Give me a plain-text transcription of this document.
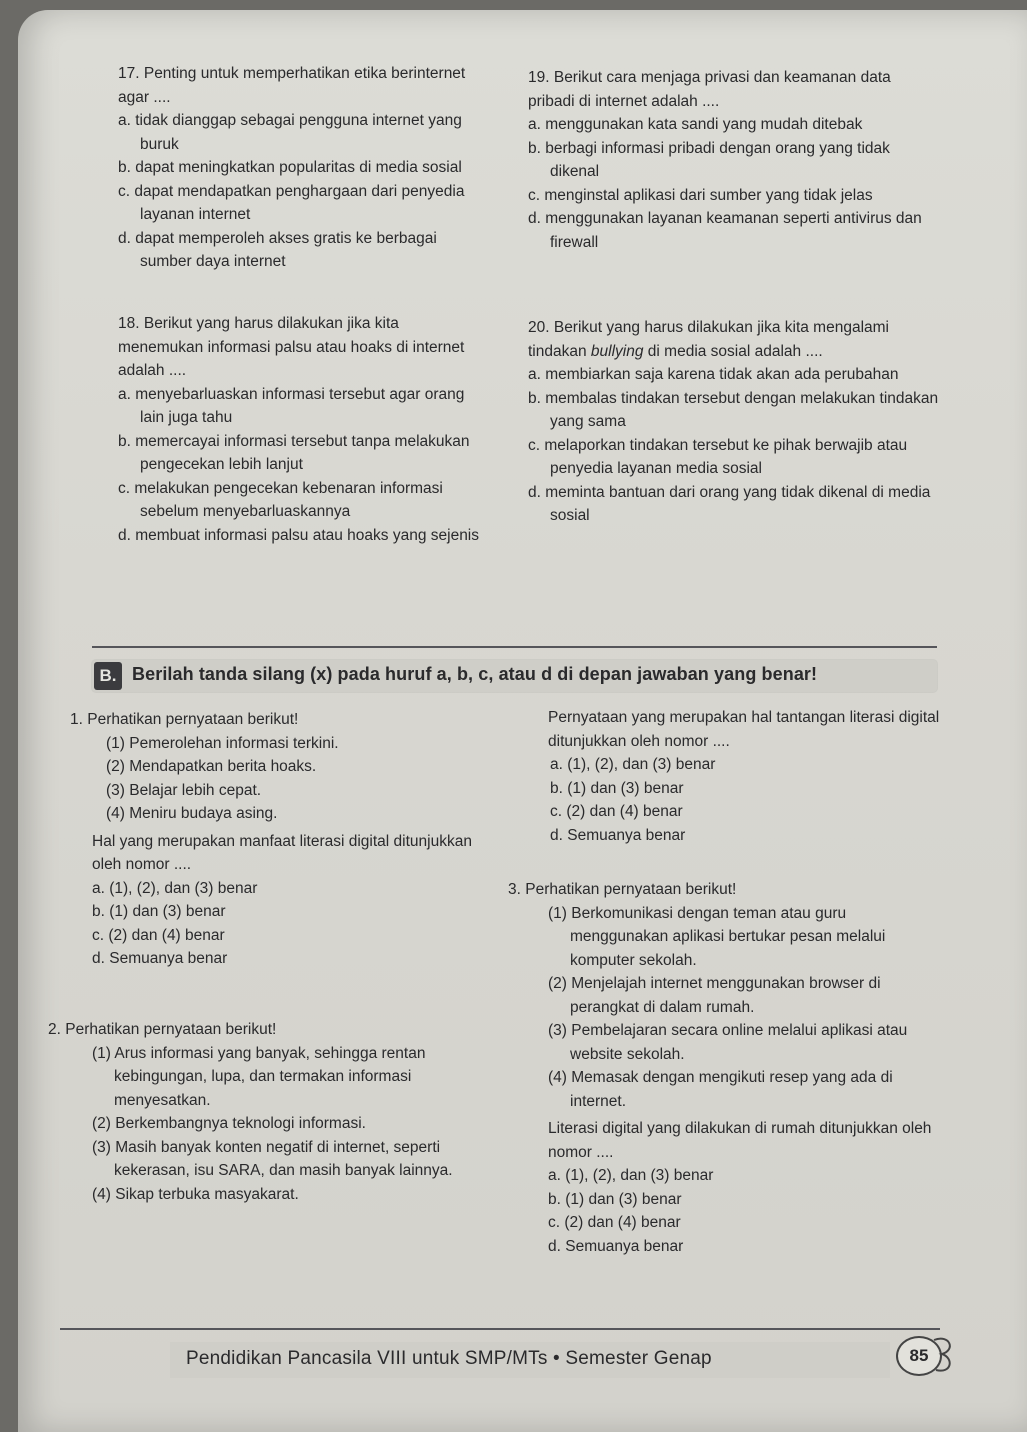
17. Penting untuk memperhatikan etika berinternet agar ....

a. tidak dianggap sebagai pengguna internet yang buruk

b. dapat meningkatkan popularitas di media sosial

c. dapat mendapatkan penghargaan dari penyedia layanan internet

d. dapat memperoleh akses gratis ke berbagai sumber daya internet

18. Berikut yang harus dilakukan jika kita menemukan informasi palsu atau hoaks di internet adalah ....

a. menyebarluaskan informasi tersebut agar orang lain juga tahu

b. memercayai informasi tersebut tanpa melakukan pengecekan lebih lanjut

c. melakukan pengecekan kebenaran informasi sebelum menyebarluaskannya

d. membuat informasi palsu atau hoaks yang sejenis

19. Berikut cara menjaga privasi dan keamanan data pribadi di internet adalah ....

a. menggunakan kata sandi yang mudah ditebak

b. berbagi informasi pribadi dengan orang yang tidak dikenal

c. menginstal aplikasi dari sumber yang tidak jelas

d. menggunakan layanan keamanan seperti antivirus dan firewall

20. Berikut yang harus dilakukan jika kita mengalami tindakan bullying di media sosial adalah ....

a. membiarkan saja karena tidak akan ada perubahan

b. membalas tindakan tersebut dengan melakukan tindakan yang sama

c. melaporkan tindakan tersebut ke pihak berwajib atau penyedia layanan media sosial

d. meminta bantuan dari orang yang tidak dikenal di media sosial

B. Berilah tanda silang (x) pada huruf a, b, c, atau d di depan jawaban yang benar!

1. Perhatikan pernyataan berikut!

(1) Pemerolehan informasi terkini.

(2) Mendapatkan berita hoaks.

(3) Belajar lebih cepat.

(4) Meniru budaya asing.

Hal yang merupakan manfaat literasi digital ditunjukkan oleh nomor ....

a. (1), (2), dan (3) benar

b. (1) dan (3) benar

c. (2) dan (4) benar

d. Semuanya benar

2. Perhatikan pernyataan berikut!

(1) Arus informasi yang banyak, sehingga rentan kebingungan, lupa, dan termakan informasi menyesatkan.

(2) Berkembangnya teknologi informasi.

(3) Masih banyak konten negatif di internet, seperti kekerasan, isu SARA, dan masih banyak lainnya.

(4) Sikap terbuka masyakarat.

Pernyataan yang merupakan hal tantangan literasi digital ditunjukkan oleh nomor ....

a. (1), (2), dan (3) benar

b. (1) dan (3) benar

c. (2) dan (4) benar

d. Semuanya benar

3. Perhatikan pernyataan berikut!

(1) Berkomunikasi dengan teman atau guru menggunakan aplikasi bertukar pesan melalui komputer sekolah.

(2) Menjelajah internet menggunakan browser di perangkat di dalam rumah.

(3) Pembelajaran secara online melalui aplikasi atau website sekolah.

(4) Memasak dengan mengikuti resep yang ada di internet.

Literasi digital yang dilakukan di rumah ditunjukkan oleh nomor ....

a. (1), (2), dan (3) benar

b. (1) dan (3) benar

c. (2) dan (4) benar

d. Semuanya benar

Pendidikan Pancasila VIII untuk SMP/MTs • Semester Genap	85
